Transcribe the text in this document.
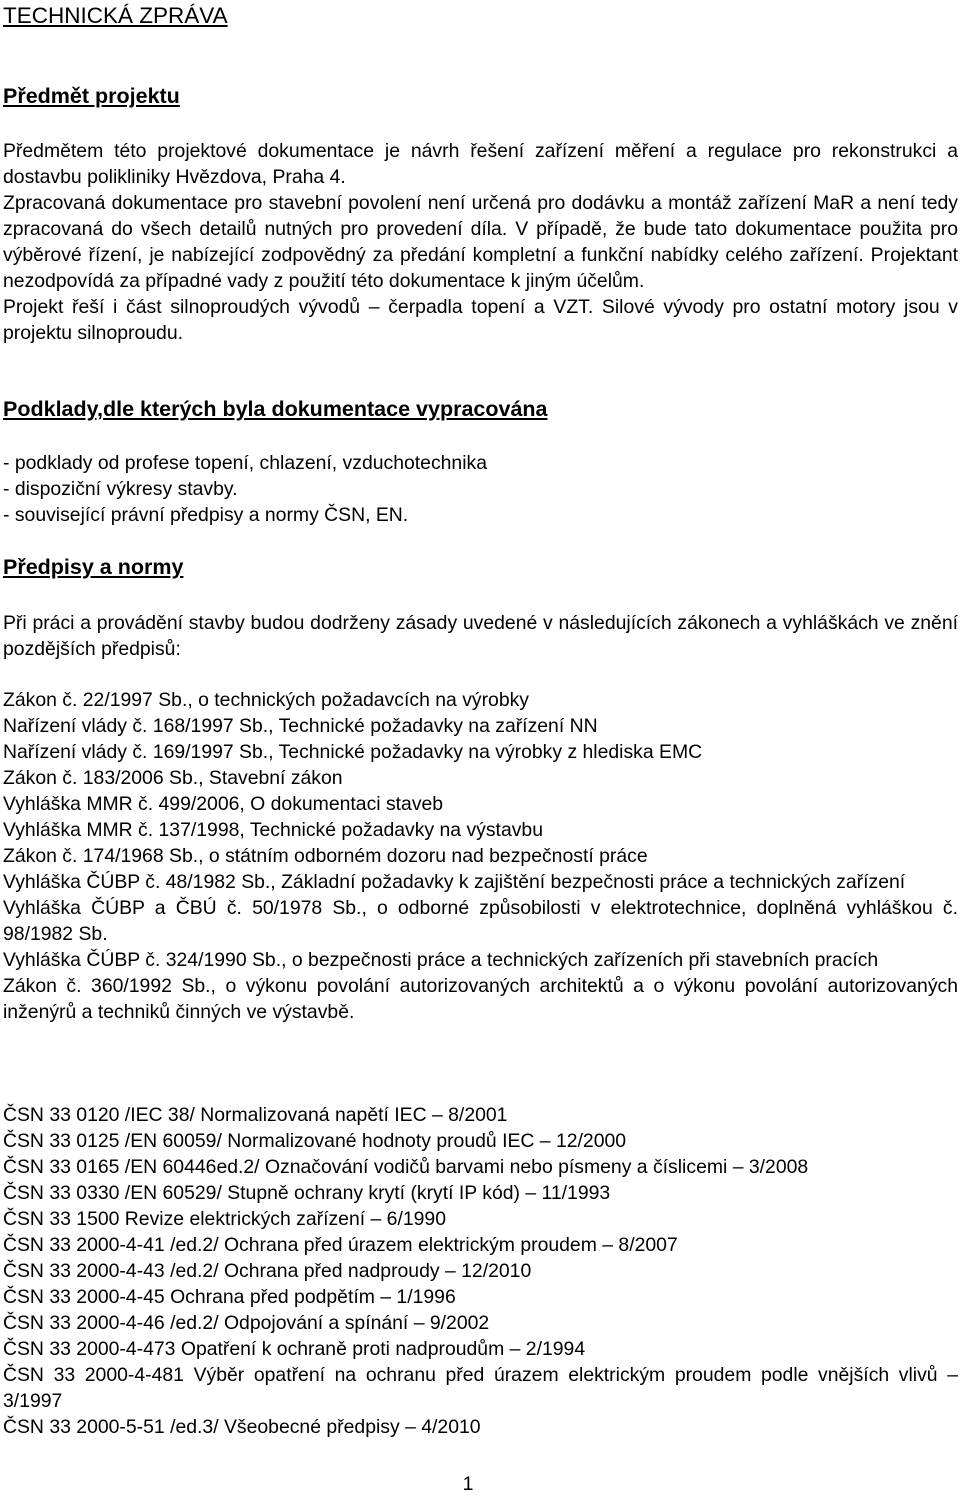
TECHNICKÁ ZPRÁVA
Předmět projektu

Předmětem této projektové dokumentace je návrh řešení zařízení měření a regulace pro rekonstrukci a dostavbu polikliniky Hvězdova, Praha 4.

Zpracovaná dokumentace pro stavební povolení není určená pro dodávku a montáž zařízení MaR a není tedy zpracovaná do všech detailů nutných pro provedení díla. V případě, že bude tato dokumentace použita pro výběrové řízení, je nabízející zodpovědný za předání kompletní a funkční nabídky celého zařízení. Projektant nezodpovídá za případné vady z použití této dokumentace k jiným účelům.

Projekt řeší i část silnoproudých vývodů – čerpadla topení a VZT. Silové vývody pro ostatní motory jsou v projektu silnoproudu.

Podklady,dle kterých byla dokumentace vypracována

- podklady od profese topení, chlazení, vzduchotechnika

- dispoziční výkresy stavby.

- související právní předpisy a normy ČSN, EN.

Předpisy a normy

Při práci a provádění stavby budou dodrženy zásady uvedené v následujících zákonech a vyhláškách ve znění pozdějších předpisů:

Zákon č. 22/1997 Sb., o technických požadavcích na výrobky

Nařízení vlády č. 168/1997 Sb., Technické požadavky na zařízení NN

Nařízení vlády č. 169/1997 Sb., Technické požadavky na výrobky z hlediska EMC

Zákon č. 183/2006 Sb., Stavební zákon

Vyhláška MMR č. 499/2006, O dokumentaci staveb

Vyhláška MMR č. 137/1998, Technické požadavky na výstavbu

Zákon č. 174/1968 Sb., o státním odborném dozoru nad bezpečností práce

Vyhláška ČÚBP č. 48/1982 Sb., Základní požadavky k zajištění bezpečnosti práce a technických zařízení

Vyhláška ČÚBP a ČBÚ č. 50/1978 Sb., o odborné způsobilosti v elektrotechnice, doplněná vyhláškou č. 98/1982 Sb.

Vyhláška ČÚBP č. 324/1990 Sb., o bezpečnosti práce a technických zařízeních při stavebních pracích

Zákon č. 360/1992 Sb., o výkonu povolání autorizovaných architektů a o výkonu povolání autorizovaných inženýrů a techniků činných ve výstavbě.

ČSN 33 0120 /IEC 38/ Normalizovaná napětí IEC – 8/2001

ČSN 33 0125 /EN 60059/ Normalizované hodnoty proudů IEC – 12/2000

ČSN 33 0165 /EN 60446ed.2/ Označování vodičů barvami nebo písmeny a číslicemi – 3/2008

ČSN 33 0330 /EN 60529/ Stupně ochrany krytí (krytí IP kód) – 11/1993

ČSN 33 1500 Revize elektrických zařízení – 6/1990

ČSN 33 2000-4-41 /ed.2/ Ochrana před úrazem elektrickým proudem – 8/2007

ČSN 33 2000-4-43 /ed.2/ Ochrana před nadproudy – 12/2010

ČSN 33 2000-4-45 Ochrana před podpětím – 1/1996

ČSN 33 2000-4-46 /ed.2/ Odpojování a spínání – 9/2002

ČSN 33 2000-4-473 Opatření k ochraně proti nadproudům – 2/1994

ČSN 33 2000-4-481 Výběr opatření na ochranu před úrazem elektrickým proudem podle vnějších vlivů – 3/1997

ČSN 33 2000-5-51 /ed.3/ Všeobecné předpisy – 4/2010

1
